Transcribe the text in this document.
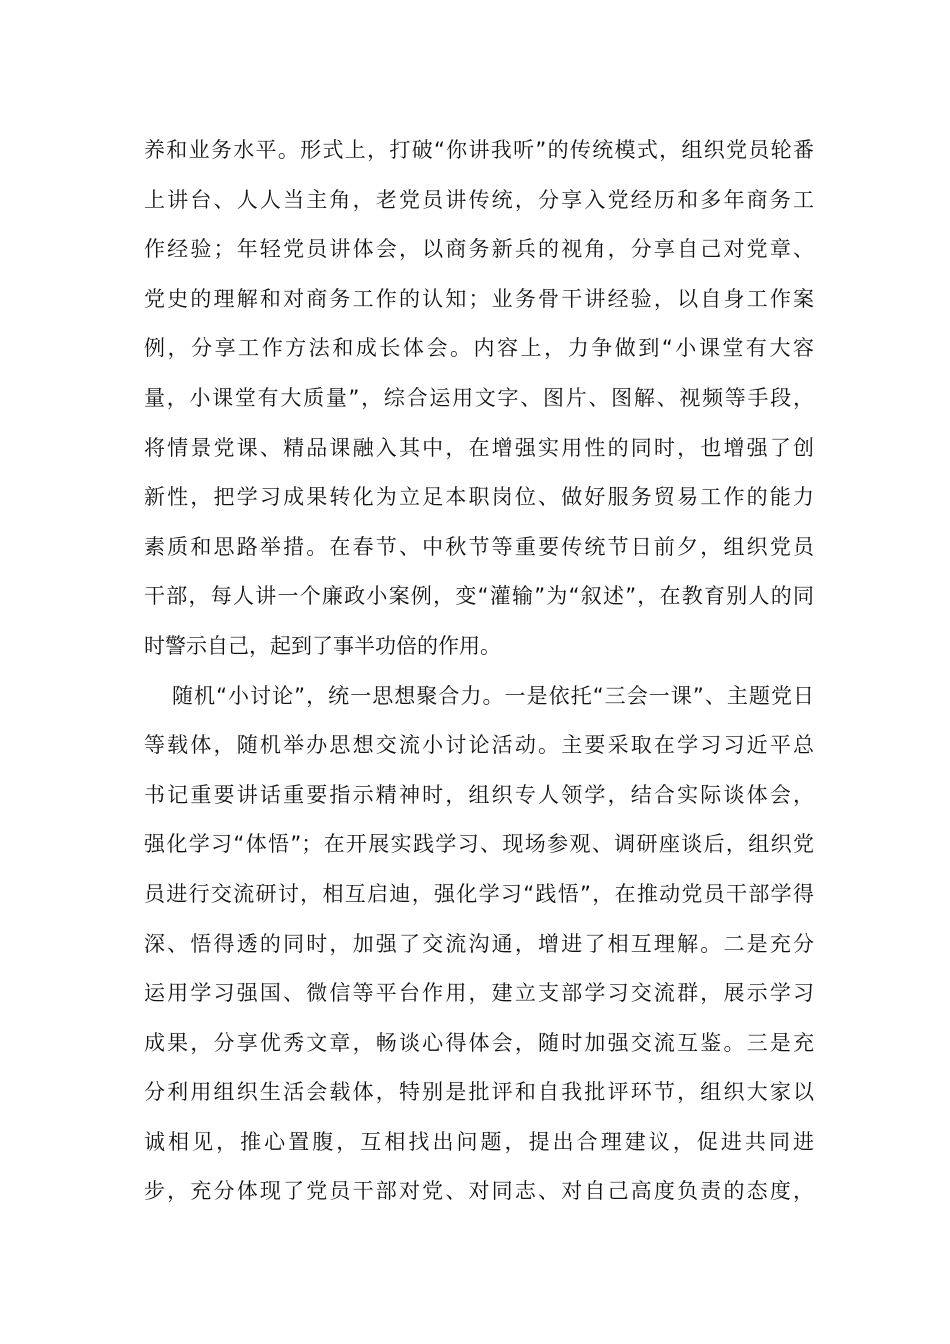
养和业务水平。形式上，打破“你讲我听”的传统模式，组织党员轮番
上讲台、人人当主角，老党员讲传统，分享入党经历和多年商务工
作经验；年轻党员讲体会，以商务新兵的视角，分享自己对党章、
党史的理解和对商务工作的认知；业务骨干讲经验，以自身工作案
例，分享工作方法和成长体会。内容上，力争做到“小课堂有大容
量，小课堂有大质量”，综合运用文字、图片、图解、视频等手段，
将情景党课、精品课融入其中，在增强实用性的同时，也增强了创
新性，把学习成果转化为立足本职岗位、做好服务贸易工作的能力
素质和思路举措。在春节、中秋节等重要传统节日前夕，组织党员
干部，每人讲一个廉政小案例，变“灌输”为“叙述”，在教育别人的同
时警示自己，起到了事半功倍的作用。
随机“小讨论”，统一思想聚合力。一是依托“三会一课”、主题党日
等载体，随机举办思想交流小讨论活动。主要采取在学习习近平总
书记重要讲话重要指示精神时，组织专人领学，结合实际谈体会，
强化学习“体悟”；在开展实践学习、现场参观、调研座谈后，组织党
员进行交流研讨，相互启迪，强化学习“践悟”，在推动党员干部学得
深、悟得透的同时，加强了交流沟通，增进了相互理解。二是充分
运用学习强国、微信等平台作用，建立支部学习交流群，展示学习
成果，分享优秀文章，畅谈心得体会，随时加强交流互鉴。三是充
分利用组织生活会载体，特别是批评和自我批评环节，组织大家以
诚相见，推心置腹，互相找出问题，提出合理建议，促进共同进
步，充分体现了党员干部对党、对同志、对自己高度负责的态度，
